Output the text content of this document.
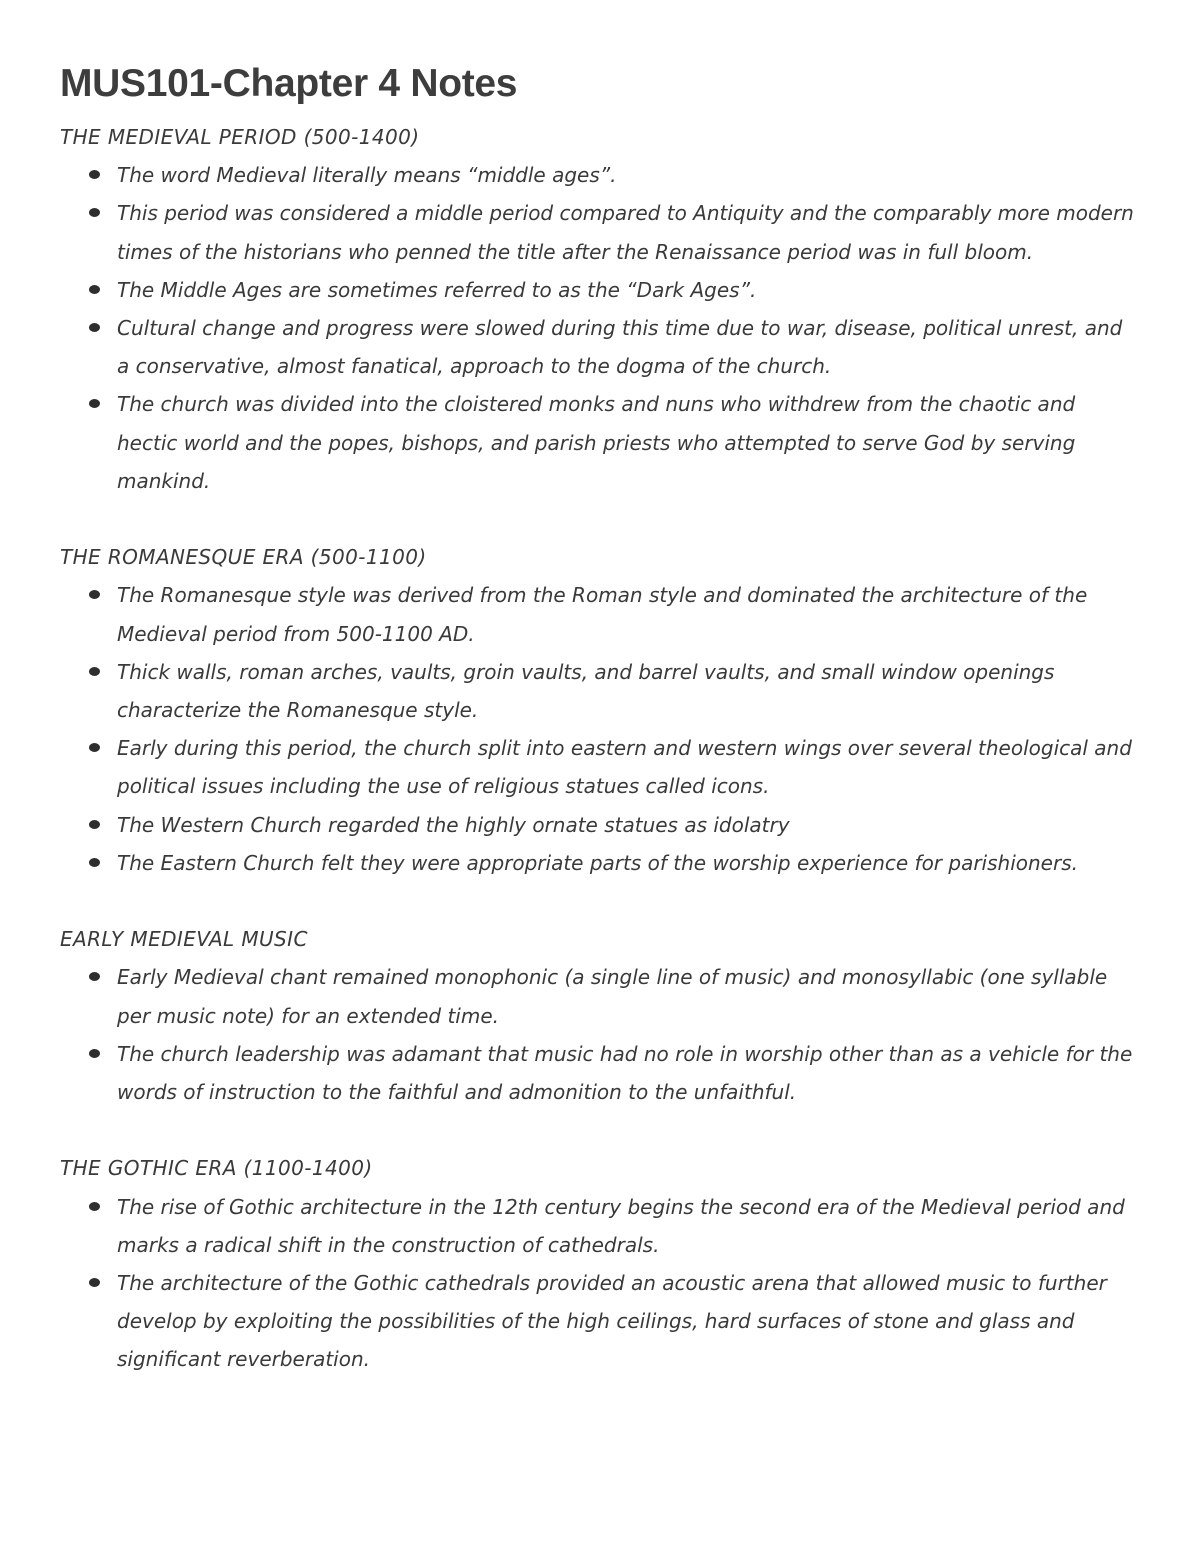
MUS101-Chapter 4 Notes
THE MEDIEVAL PERIOD (500-1400)
The word Medieval literally means “middle ages”.
This period was considered a middle period compared to Antiquity and the comparably more modern times of the historians who penned the title after the Renaissance period was in full bloom.
The Middle Ages are sometimes referred to as the “Dark Ages”.
Cultural change and progress were slowed during this time due to war, disease, political unrest, and a conservative, almost fanatical, approach to the dogma of the church.
The church was divided into the cloistered monks and nuns who withdrew from the chaotic and hectic world and the popes, bishops, and parish priests who attempted to serve God by serving mankind.
THE ROMANESQUE ERA (500-1100)
The Romanesque style was derived from the Roman style and dominated the architecture of the Medieval period from 500-1100 AD.
Thick walls, roman arches, vaults, groin vaults, and barrel vaults, and small window openings characterize the Romanesque style.
Early during this period, the church split into eastern and western wings over several theological and political issues including the use of religious statues called icons.
The Western Church regarded the highly ornate statues as idolatry
The Eastern Church felt they were appropriate parts of the worship experience for parishioners.
EARLY MEDIEVAL MUSIC
Early Medieval chant remained monophonic (a single line of music) and monosyllabic (one syllable per music note) for an extended time.
The church leadership was adamant that music had no role in worship other than as a vehicle for the words of instruction to the faithful and admonition to the unfaithful.
THE GOTHIC ERA (1100-1400)
The rise of Gothic architecture in the 12th century begins the second era of the Medieval period and marks a radical shift in the construction of cathedrals.
The architecture of the Gothic cathedrals provided an acoustic arena that allowed music to further develop by exploiting the possibilities of the high ceilings, hard surfaces of stone and glass and significant reverberation.
